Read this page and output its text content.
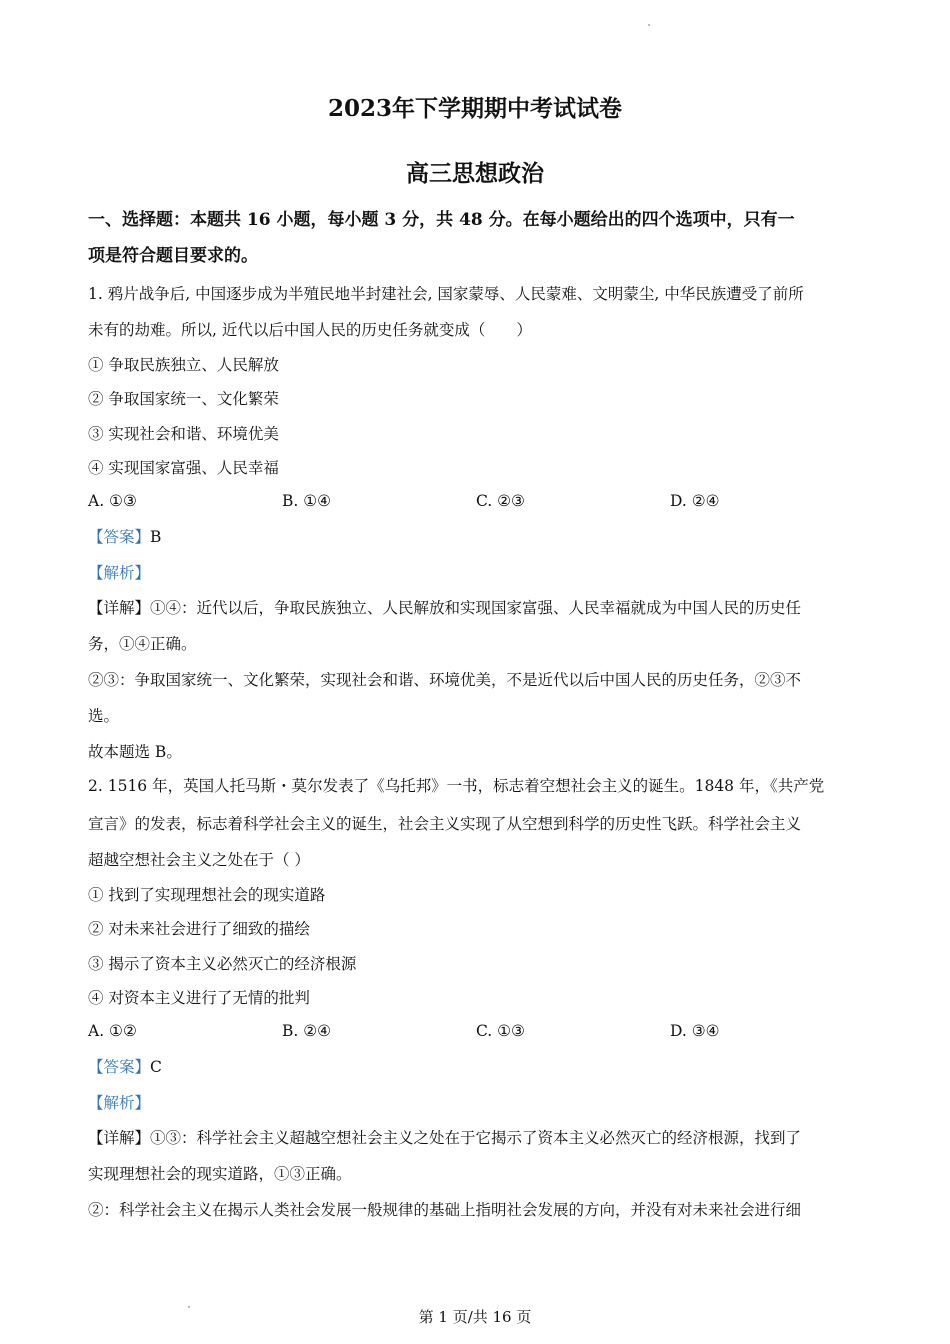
2023年下学期期中考试试卷
高三思想政治
一、选择题：本题共 16 小题，每小题 3 分，共 48 分。在每小题给出的四个选项中，只有一
项是符合题目要求的。
1. 鸦片战争后, 中国逐步成为半殖民地半封建社会, 国家蒙辱、人民蒙难、文明蒙尘, 中华民族遭受了前所
未有的劫难。所以, 近代以后中国人民的历史任务就变成（　　）
① 争取民族独立、人民解放
② 争取国家统一、文化繁荣
③ 实现社会和谐、环境优美
④ 实现国家富强、人民幸福
A. ①③	B. ①④	C. ②③	D. ②④
【答案】B
【解析】
【详解】①④：近代以后，争取民族独立、人民解放和实现国家富强、人民幸福就成为中国人民的历史任
务，①④正确。
②③：争取国家统一、文化繁荣，实现社会和谐、环境优美，不是近代以后中国人民的历史任务，②③不
选。
故本题选 B。
2. 1516 年，英国人托马斯・莫尔发表了《乌托邦》一书，标志着空想社会主义的诞生。1848 年，《共产党
宣言》的发表，标志着科学社会主义的诞生，社会主义实现了从空想到科学的历史性飞跃。科学社会主义
超越空想社会主义之处在于（ ）
① 找到了实现理想社会的现实道路
② 对未来社会进行了细致的描绘
③ 揭示了资本主义必然灭亡的经济根源
④ 对资本主义进行了无情的批判
A. ①②	B. ②④	C. ①③	D. ③④
【答案】C
【解析】
【详解】①③：科学社会主义超越空想社会主义之处在于它揭示了资本主义必然灭亡的经济根源，找到了
实现理想社会的现实道路，①③正确。
②：科学社会主义在揭示人类社会发展一般规律的基础上指明社会发展的方向，并没有对未来社会进行细
第 1 页/共 16 页
